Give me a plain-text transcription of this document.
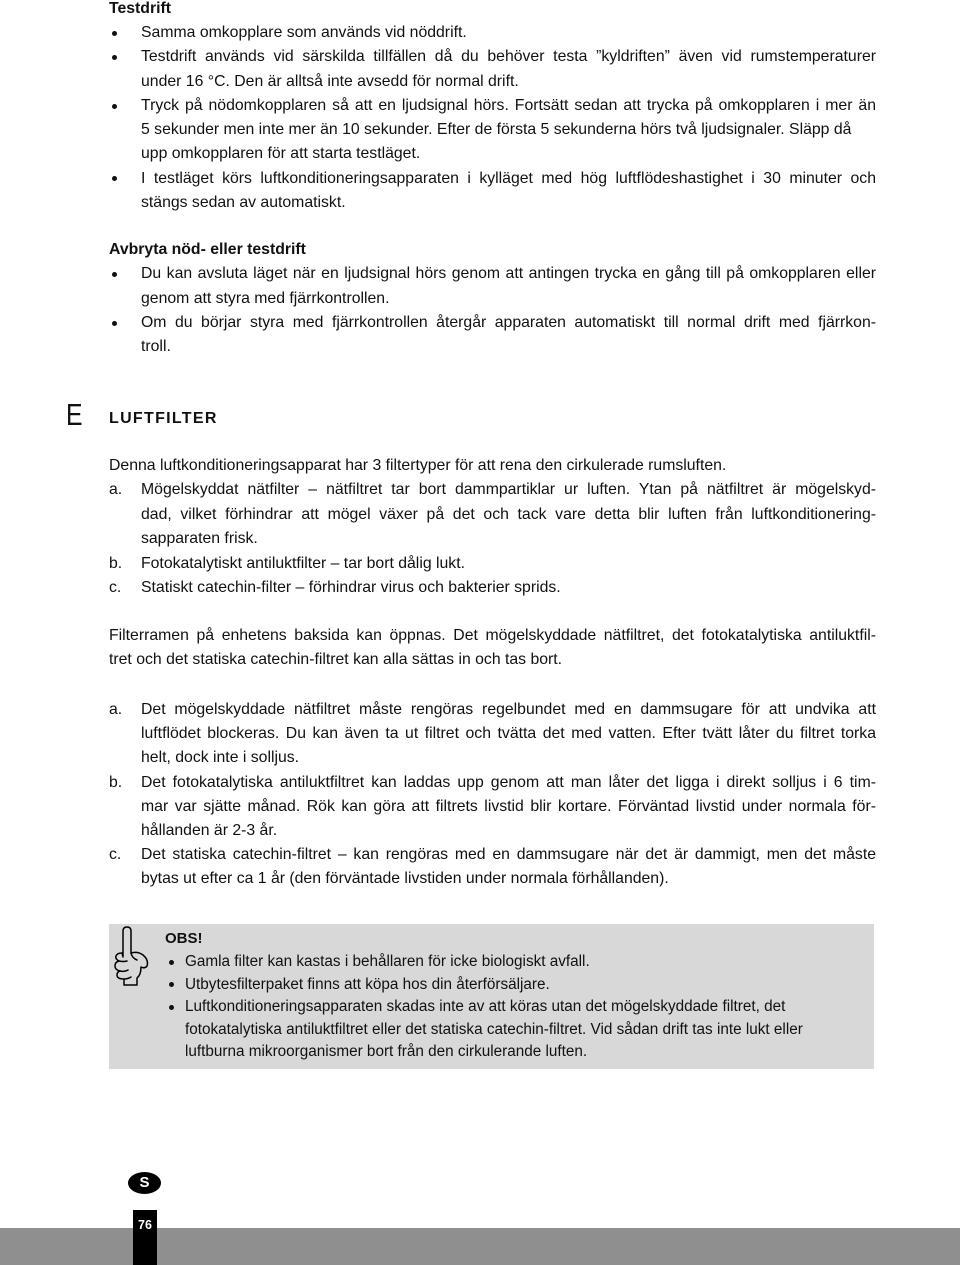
Testdrift
Samma omkopplare som används vid nöddrift.
Testdrift används vid särskilda tillfällen då du behöver testa ”kyldriften” även vid rumstemperaturer
under 16 °C. Den är alltså inte avsedd för normal drift.
Tryck på nödomkopplaren så att en ljudsignal hörs. Fortsätt sedan att trycka på omkopplaren i mer än
5 sekunder men inte mer än 10 sekunder. Efter de första 5 sekunderna hörs två ljudsignaler. Släpp då
upp omkopplaren för att starta testläget.
I testläget körs luftkonditioneringsapparaten i kylläget med hög luftflödeshastighet i 30 minuter och
stängs sedan av automatiskt.
Avbryta nöd- eller testdrift
Du kan avsluta läget när en ljudsignal hörs genom att antingen trycka en gång till på omkopplaren eller
genom att styra med fjärrkontrollen.
Om du börjar styra med fjärrkontrollen återgår apparaten automatiskt till normal drift med fjärrkon-
troll.
E LUFTFILTER
Denna luftkonditioneringsapparat har 3 filtertyper för att rena den cirkulerade rumsluften.
a. Mögelskyddat nätfilter – nätfiltret tar bort dammpartiklar ur luften. Ytan på nätfiltret är mögelskyd-
dad, vilket förhindrar att mögel växer på det och tack vare detta blir luften från luftkonditionering-
sapparaten frisk.
b. Fotokatalytiskt antiluktfilter – tar bort dålig lukt.
c. Statiskt catechin-filter – förhindrar virus och bakterier sprids.
Filterramen på enhetens baksida kan öppnas. Det mögelskyddade nätfiltret, det fotokatalytiska antiluktfil-
tret och det statiska catechin-filtret kan alla sättas in och tas bort.
a. Det mögelskyddade nätfiltret måste rengöras regelbundet med en dammsugare för att undvika att
luftflödet blockeras. Du kan även ta ut filtret och tvätta det med vatten. Efter tvätt låter du filtret torka
helt, dock inte i solljus.
b. Det fotokatalytiska antiluktfiltret kan laddas upp genom att man låter det ligga i direkt solljus i 6 tim-
mar var sjätte månad. Rök kan göra att filtrets livstid blir kortare. Förväntad livstid under normala för-
hållanden är 2-3 år.
c. Det statiska catechin-filtret – kan rengöras med en dammsugare när det är dammigt, men det måste
bytas ut efter ca 1 år (den förväntade livstiden under normala förhållanden).
OBS!
Gamla filter kan kastas i behållaren för icke biologiskt avfall.
Utbytesfilterpaket finns att köpa hos din återförsäljare.
Luftkonditioneringsapparaten skadas inte av att köras utan det mögelskyddade filtret, det
fotokatalytiska antiluktfiltret eller det statiska catechin-filtret. Vid sådan drift tas inte lukt eller
luftburna mikroorganismer bort från den cirkulerande luften.
S
76
